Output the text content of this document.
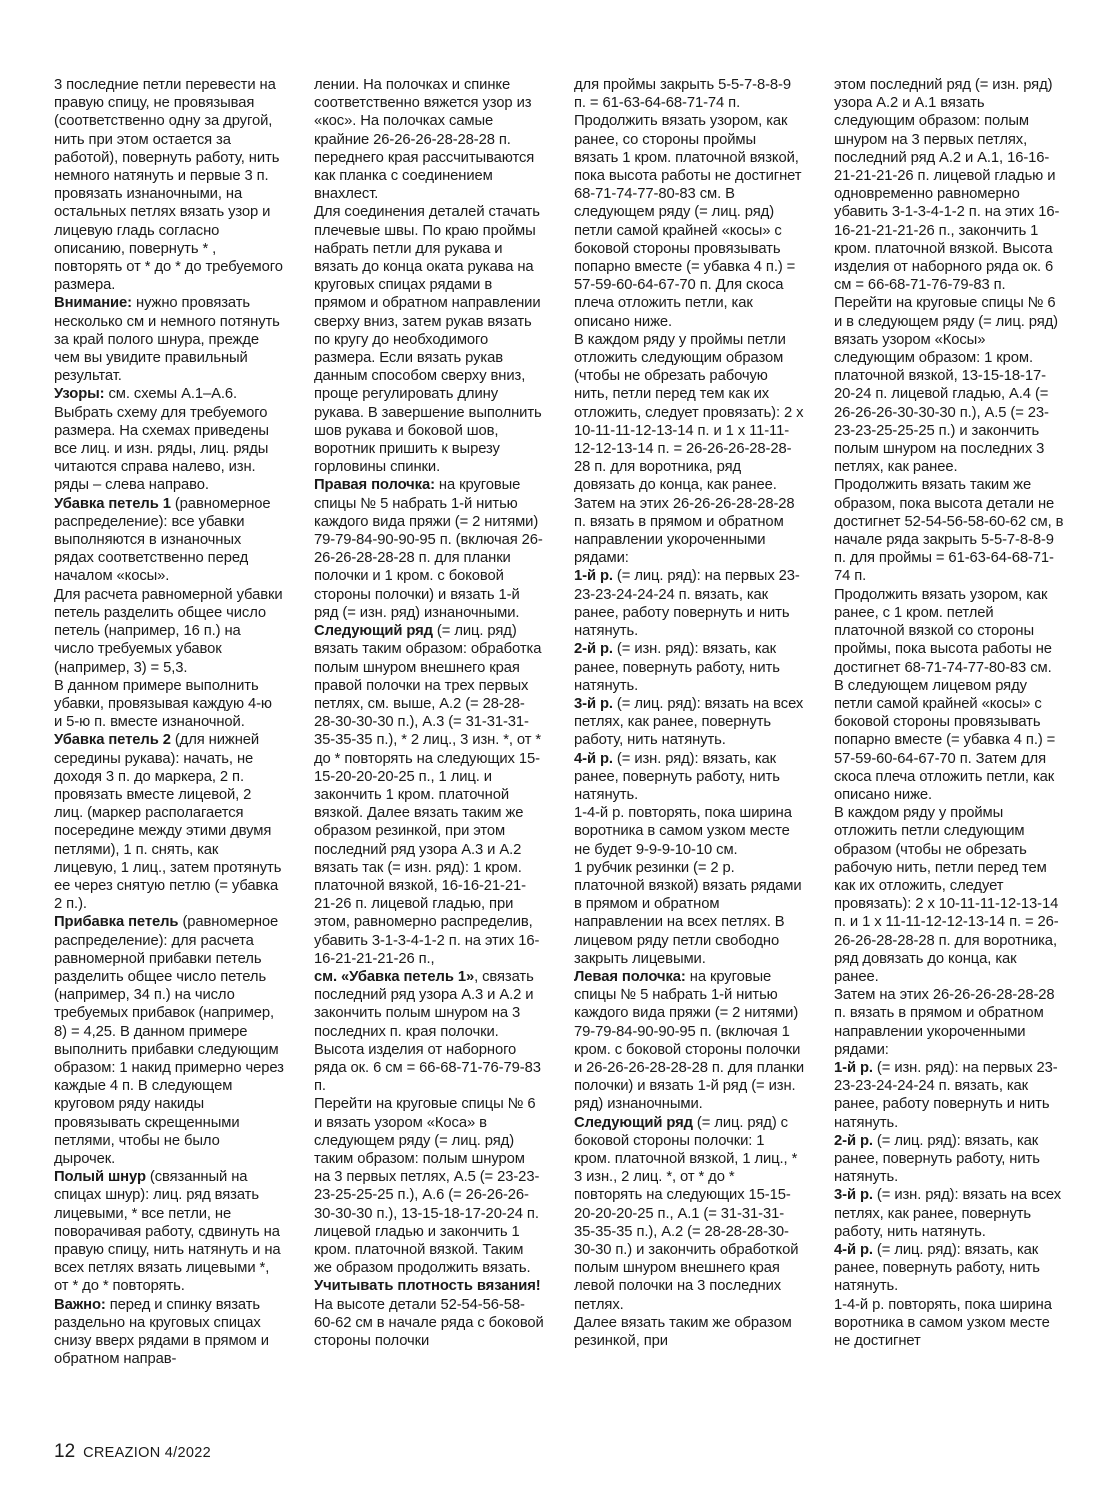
3 последние петли перевести на правую спицу, не провязывая (соответственно одну за другой, нить при этом остается за работой), повернуть работу, нить немного натянуть и первые 3 п. провязать изнаночными, на остальных петлях вязать узор и лицевую гладь согласно описанию, повернуть * , повторять от * до * до требуемого размера.

Внимание: нужно провязать несколько см и немного потянуть за край полого шнура, прежде чем вы увидите правильный результат.

Узоры: см. схемы А.1–А.6. Выбрать схему для требуемого размера. На схемах приведены все лиц. и изн. ряды, лиц. ряды читаются справа налево, изн. ряды – слева направо.

Убавка петель 1 (равномерное распределение): все убавки выполняются в изнаночных рядах соответственно перед началом «косы».

Для расчета равномерной убавки петель разделить общее число петель (например, 16 п.) на число требуемых убавок (например, 3) = 5,3.

В данном примере выполнить убавки, провязывая каждую 4-ю и 5-ю п. вместе изнаночной.

Убавка петель 2 (для нижней середины рукава): начать, не доходя 3 п. до маркера, 2 п. провязать вместе лицевой, 2 лиц. (маркер располагается посередине между этими двумя петлями), 1 п. снять, как лицевую, 1 лиц., затем протянуть ее через снятую петлю (= убавка 2 п.).

Прибавка петель (равномерное распределение): для расчета равномерной прибавки петель разделить общее число петель (например, 34 п.) на число требуемых прибавок (например, 8) = 4,25. В данном примере выполнить прибавки следующим образом: 1 накид примерно через каждые 4 п. В следующем круговом ряду накиды провязывать скрещенными петлями, чтобы не было дырочек.

Полый шнур (связанный на спицах шнур): лиц. ряд вязать лицевыми, * все петли, не поворачивая работу, сдвинуть на правую спицу, нить натянуть и на всех петлях вязать лицевыми *, от * до * повторять.

Важно: перед и спинку вязать раздельно на круговых спицах снизу вверх рядами в прямом и обратном направ-

лении. На полочках и спинке соответственно вяжется узор из «кос». На полочках самые крайние 26-26-26-28-28-28 п. переднего края рассчитываются как планка с соединением внахлест.

Для соединения деталей стачать плечевые швы. По краю проймы набрать петли для рукава и вязать до конца оката рукава на круговых спицах рядами в прямом и обратном направлении сверху вниз, затем рукав вязать по кругу до необходимого размера. Если вязать рукав данным способом сверху вниз, проще регулировать длину рукава. В завершение выполнить шов рукава и боковой шов, воротник пришить к вырезу горловины спинки.

Правая полочка: на круговые спицы № 5 набрать 1-й нитью каждого вида пряжи (= 2 нитями) 79-79-84-90-90-95 п. (включая 26-26-26-28-28-28 п. для планки полочки и 1 кром. с боковой стороны полочки) и вязать 1-й ряд (= изн. ряд) изнаночными.

Следующий ряд (= лиц. ряд) вязать таким образом: обработка полым шнуром внешнего края правой полочки на трех первых петлях, см. выше, А.2 (= 28-28-28-30-30-30 п.), А.3 (= 31-31-31-35-35-35 п.), * 2 лиц., 3 изн. *, от * до * повторять на следующих 15-15-20-20-20-25 п., 1 лиц. и закончить 1 кром. платочной вязкой. Далее вязать таким же образом резинкой, при этом последний ряд узора А.3 и А.2 вязать так (= изн. ряд): 1 кром. платочной вязкой, 16-16-21-21-21-26 п. лицевой гладью, при этом, равномерно распределив, убавить 3-1-3-4-1-2 п. на этих 16-16-21-21-21-26 п.,

см. «Убавка петель 1», связать последний ряд узора А.3 и А.2 и закончить полым шнуром на 3 последних п. края полочки. Высота изделия от наборного ряда ок. 6 см = 66-68-71-76-79-83 п.

Перейти на круговые спицы № 6 и вязать узором «Коса» в следующем ряду (= лиц. ряд) таким образом: полым шнуром на 3 первых петлях, А.5 (= 23-23-23-25-25-25 п.), А.6 (= 26-26-26-30-30-30 п.), 13-15-18-17-20-24 п. лицевой гладью и закончить 1 кром. платочной вязкой. Таким же образом продолжить вязать. Учитывать плотность вязания!

На высоте детали 52-54-56-58-60-62 см в начале ряда с боковой стороны полочки

для проймы закрыть 5-5-7-8-8-9 п. = 61-63-64-68-71-74 п.

Продолжить вязать узором, как ранее, со стороны проймы вязать 1 кром. платочной вязкой, пока высота работы не достигнет 68-71-74-77-80-83 см. В следующем ряду (= лиц. ряд) петли самой крайней «косы» с боковой стороны провязывать попарно вместе (= убавка 4 п.) = 57-59-60-64-67-70 п. Для скоса плеча отложить петли, как описано ниже.

В каждом ряду у проймы петли отложить следующим образом (чтобы не обрезать рабочую нить, петли перед тем как их отложить, следует провязать): 2 х 10-11-11-12-13-14 п. и 1 х 11-11-12-12-13-14 п. = 26-26-26-28-28-28 п. для воротника, ряд довязать до конца, как ранее. Затем на этих 26-26-26-28-28-28 п. вязать в прямом и обратном направлении укороченными рядами:

1-й р. (= лиц. ряд): на первых 23-23-23-24-24-24 п. вязать, как ранее, работу повернуть и нить натянуть.

2-й р. (= изн. ряд): вязать, как ранее, повернуть работу, нить натянуть.

3-й р. (= лиц. ряд): вязать на всех петлях, как ранее, повернуть работу, нить натянуть.

4-й р. (= изн. ряд): вязать, как ранее, повернуть работу, нить натянуть.

1-4-й р. повторять, пока ширина воротника в самом узком месте не будет 9-9-9-10-10 см.

1 рубчик резинки (= 2 р. платочной вязкой) вязать рядами в прямом и обратном направлении на всех петлях. В лицевом ряду петли свободно закрыть лицевыми.

Левая полочка: на круговые спицы № 5 набрать 1-й нитью каждого вида пряжи (= 2 нитями) 79-79-84-90-90-95 п. (включая 1 кром. с боковой стороны полочки и 26-26-26-28-28-28 п. для планки полочки) и вязать 1-й ряд (= изн. ряд) изнаночными.

Следующий ряд (= лиц. ряд) с боковой стороны полочки: 1 кром. платочной вязкой, 1 лиц., * 3 изн., 2 лиц. *, от * до * повторять на следующих 15-15-20-20-20-25 п., А.1 (= 31-31-31-35-35-35 п.), А.2 (= 28-28-28-30-30-30 п.) и закончить обработкой полым шнуром внешнего края левой полочки на 3 последних петлях.

Далее вязать таким же образом резинкой, при

этом последний ряд (= изн. ряд) узора А.2 и А.1 вязать следующим образом: полым шнуром на 3 первых петлях, последний ряд А.2 и А.1, 16-16-21-21-21-26 п. лицевой гладью и одновременно равномерно убавить 3-1-3-4-1-2 п. на этих 16-16-21-21-21-26 п., закончить 1 кром. платочной вязкой. Высота изделия от наборного ряда ок. 6 см = 66-68-71-76-79-83 п.

Перейти на круговые спицы № 6 и в следующем ряду (= лиц. ряд) вязать узором «Косы» следующим образом: 1 кром. платочной вязкой, 13-15-18-17-20-24 п. лицевой гладью, А.4 (= 26-26-26-30-30-30 п.), А.5 (= 23-23-23-25-25-25 п.) и закончить полым шнуром на последних 3 петлях, как ранее.

Продолжить вязать таким же образом, пока высота детали не достигнет 52-54-56-58-60-62 см, в начале ряда закрыть 5-5-7-8-8-9 п. для проймы = 61-63-64-68-71-74 п.

Продолжить вязать узором, как ранее, с 1 кром. петлей платочной вязкой со стороны проймы, пока высота работы не достигнет 68-71-74-77-80-83 см.

В следующем лицевом ряду петли самой крайней «косы» с боковой стороны провязывать попарно вместе (= убавка 4 п.) = 57-59-60-64-67-70 п. Затем для скоса плеча отложить петли, как описано ниже.

В каждом ряду у проймы отложить петли следующим образом (чтобы не обрезать рабочую нить, петли перед тем как их отложить, следует провязать): 2 х 10-11-11-12-13-14 п. и 1 х 11-11-12-12-13-14 п. = 26-26-26-28-28-28 п. для воротника, ряд довязать до конца, как ранее.

Затем на этих 26-26-26-28-28-28 п. вязать в прямом и обратном направлении укороченными рядами:

1-й р. (= изн. ряд): на первых 23-23-23-24-24-24 п. вязать, как ранее, работу повернуть и нить натянуть.

2-й р. (= лиц. ряд): вязать, как ранее, повернуть работу, нить натянуть.

3-й р. (= изн. ряд): вязать на всех петлях, как ранее, повернуть работу, нить натянуть.

4-й р. (= лиц. ряд): вязать, как ранее, повернуть работу, нить натянуть.

1-4-й р. повторять, пока ширина воротника в самом узком месте не достигнет

12 CREAZION 4/2022
